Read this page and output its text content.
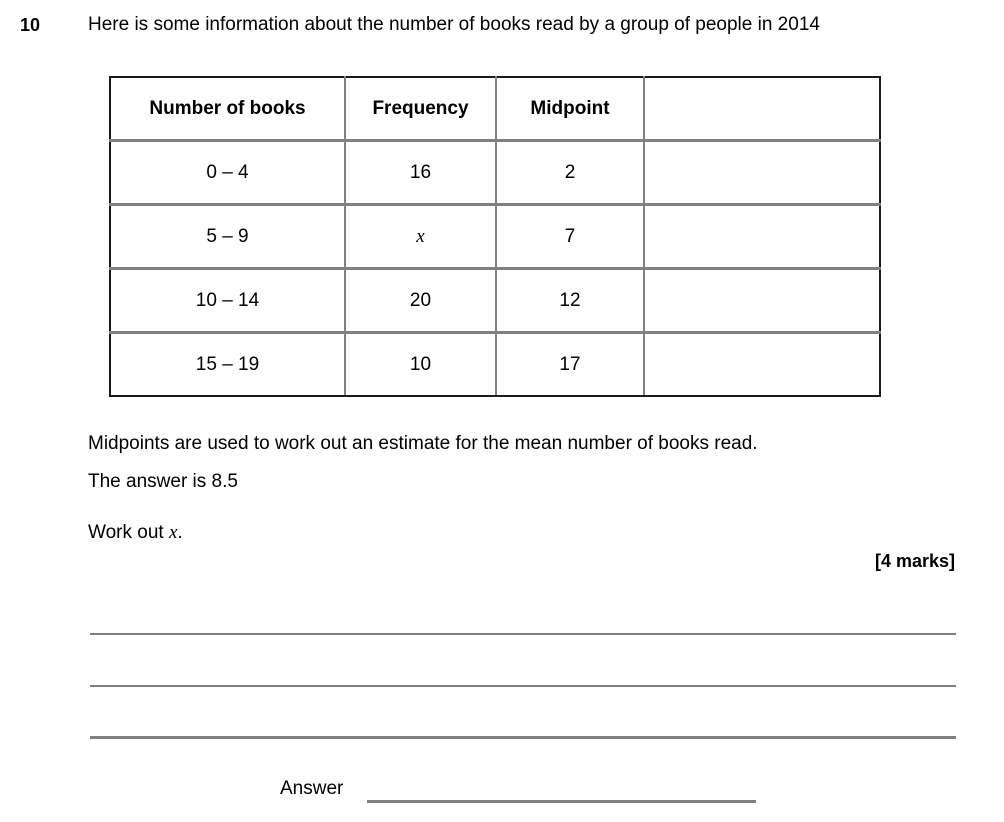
10	Here is some information about the number of books read by a group of people in 2014
Number of books	Frequency	Midpoint	
0 – 4	16	2	
5 – 9	x	7	
10 – 14	20	12	
15 – 19	10	17	
Midpoints are used to work out an estimate for the mean number of books read.
The answer is 8.5
Work out x.
[4 marks]
Answer
